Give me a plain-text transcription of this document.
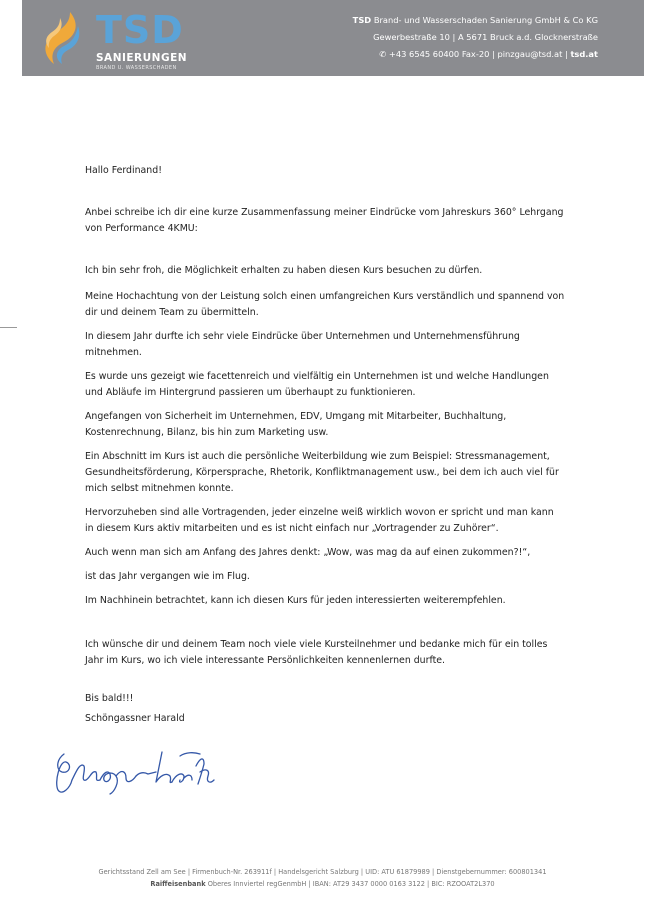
TSD
SANIERUNGEN
BRAND U. WASSERSCHADEN
TSD Brand- und Wasserschaden Sanierung GmbH & Co KG
Gewerbestraße 10 | A 5671 Bruck a.d. Glocknerstraße
✆ +43 6545 60400 Fax-20 | pinzgau@tsd.at | tsd.at

Hallo Ferdinand!

Anbei schreibe ich dir eine kurze Zusammenfassung meiner Eindrücke vom Jahreskurs 360° Lehrgang von Performance 4KMU:

Ich bin sehr froh, die Möglichkeit erhalten zu haben diesen Kurs besuchen zu dürfen.

Meine Hochachtung von der Leistung solch einen umfangreichen Kurs verständlich und spannend von dir und deinem Team zu übermitteln.

In diesem Jahr durfte ich sehr viele Eindrücke über Unternehmen und Unternehmensführung mitnehmen.

Es wurde uns gezeigt wie facettenreich und vielfältig ein Unternehmen ist und welche Handlungen und Abläufe im Hintergrund passieren um überhaupt zu funktionieren.

Angefangen von Sicherheit im Unternehmen, EDV, Umgang mit Mitarbeiter, Buchhaltung, Kostenrechnung, Bilanz, bis hin zum Marketing usw.

Ein Abschnitt im Kurs ist auch die persönliche Weiterbildung wie zum Beispiel: Stressmanagement, Gesundheitsförderung, Körpersprache, Rhetorik, Konfliktmanagement usw., bei dem ich auch viel für mich selbst mitnehmen konnte.

Hervorzuheben sind alle Vortragenden, jeder einzelne weiß wirklich wovon er spricht und man kann in diesem Kurs aktiv mitarbeiten und es ist nicht einfach nur „Vortragender zu Zuhörer“.

Auch wenn man sich am Anfang des Jahres denkt: „Wow, was mag da auf einen zukommen?!“,

ist das Jahr vergangen wie im Flug.

Im Nachhinein betrachtet, kann ich diesen Kurs für jeden interessierten weiterempfehlen.

Ich wünsche dir und deinem Team noch viele viele Kursteilnehmer und bedanke mich für ein tolles Jahr im Kurs, wo ich viele interessante Persönlichkeiten kennenlernen durfte.

Bis bald!!!

Schöngassner Harald

Gerichtsstand Zell am See | Firmenbuch-Nr. 263911f | Handelsgericht Salzburg | UID: ATU 61879989 | Dienstgebernummer: 600801341
Raiffeisenbank Oberes Innviertel regGenmbH | IBAN: AT29 3437 0000 0163 3122 | BIC: RZOOAT2L370
